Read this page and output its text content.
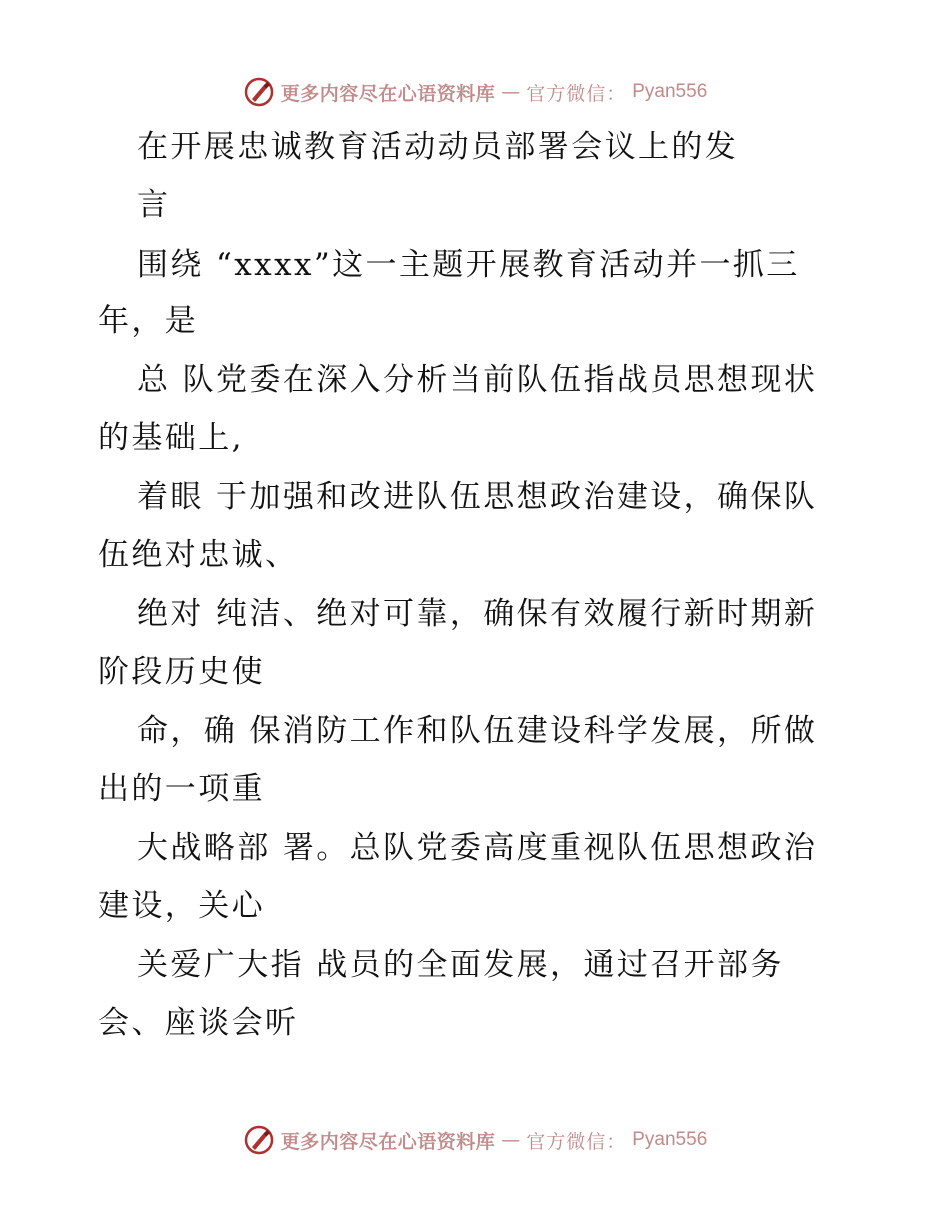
更多内容尽在心语资料库 — 官方微信： Pyan556
在开展忠诚教育活动动员部署会议上的发
言
围绕 “xxxx”这一主题开展教育活动并一抓三
年，是
总 队党委在深入分析当前队伍指战员思想现状
的基础上,
着眼 于加强和改进队伍思想政治建设，确保队
伍绝对忠诚、
绝对 纯洁、绝对可靠，确保有效履行新时期新
阶段历史使
命，确 保消防工作和队伍建设科学发展，所做
出的一项重
大战略部 署。总队党委高度重视队伍思想政治
建设，关心
关爱广大指 战员的全面发展，通过召开部务
会、座谈会听
更多内容尽在心语资料库 — 官方微信： Pyan556
